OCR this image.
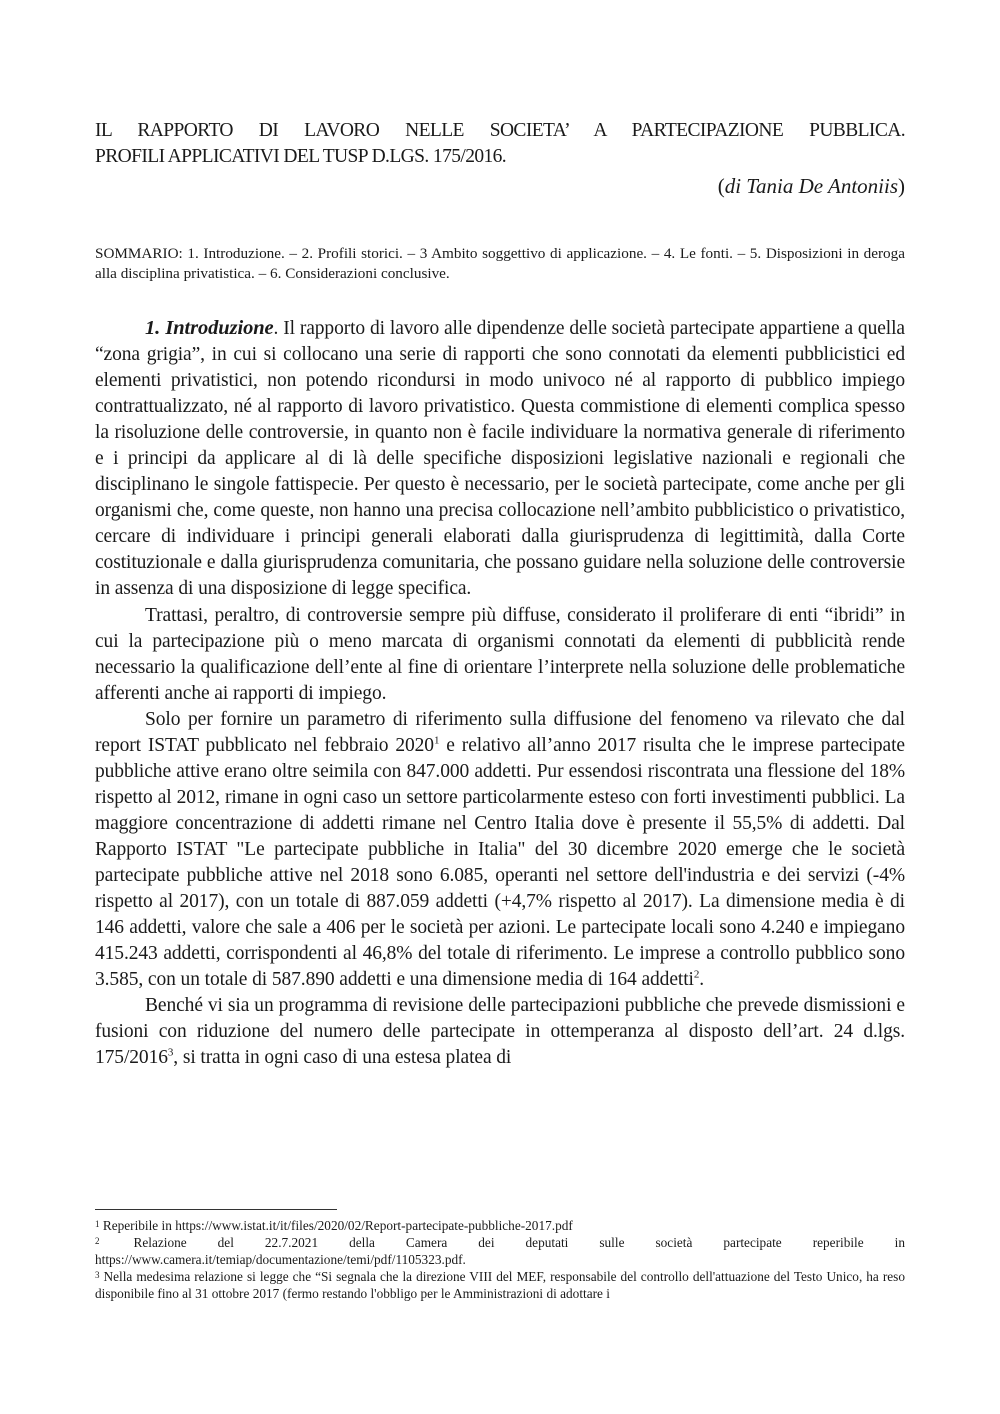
IL RAPPORTO DI LAVORO NELLE SOCIETA’ A PARTECIPAZIONE PUBBLICA.
PROFILI APPLICATIVI DEL TUSP D.LGS. 175/2016.
(di Tania De Antoniis)
SOMMARIO: 1. Introduzione. – 2. Profili storici. – 3 Ambito soggettivo di applicazione. – 4. Le fonti. – 5. Disposizioni in deroga alla disciplina privatistica. – 6. Considerazioni conclusive.

1. Introduzione. Il rapporto di lavoro alle dipendenze delle società partecipate appartiene a quella “zona grigia”, in cui si collocano una serie di rapporti che sono connotati da elementi pubblicistici ed elementi privatistici, non potendo ricondursi in modo univoco né al rapporto di pubblico impiego contrattualizzato, né al rapporto di lavoro privatistico. Questa commistione di elementi complica spesso la risoluzione delle controversie, in quanto non è facile individuare la normativa generale di riferimento e i principi da applicare al di là delle specifiche disposizioni legislative nazionali e regionali che disciplinano le singole fattispecie. Per questo è necessario, per le società partecipate, come anche per gli organismi che, come queste, non hanno una precisa collocazione nell’ambito pubblicistico o privatistico, cercare di individuare i principi generali elaborati dalla giurisprudenza di legittimità, dalla Corte costituzionale e dalla giurisprudenza comunitaria, che possano guidare nella soluzione delle controversie in assenza di una disposizione di legge specifica.

Trattasi, peraltro, di controversie sempre più diffuse, considerato il proliferare di enti “ibridi” in cui la partecipazione più o meno marcata di organismi connotati da elementi di pubblicità rende necessario la qualificazione dell’ente al fine di orientare l’interprete nella soluzione delle problematiche afferenti anche ai rapporti di impiego.

Solo per fornire un parametro di riferimento sulla diffusione del fenomeno va rilevato che dal report ISTAT pubblicato nel febbraio 2020$^1$ e relativo all’anno 2017 risulta che le imprese partecipate pubbliche attive erano oltre seimila con 847.000 addetti. Pur essendosi riscontrata una flessione del 18% rispetto al 2012, rimane in ogni caso un settore particolarmente esteso con forti investimenti pubblici. La maggiore concentrazione di addetti rimane nel Centro Italia dove è presente il 55,5% di addetti. Dal Rapporto ISTAT "Le partecipate pubbliche in Italia" del 30 dicembre 2020 emerge che le società partecipate pubbliche attive nel 2018 sono 6.085, operanti nel settore dell'industria e dei servizi (-4% rispetto al 2017), con un totale di 887.059 addetti (+4,7% rispetto al 2017). La dimensione media è di 146 addetti, valore che sale a 406 per le società per azioni. Le partecipate locali sono 4.240 e impiegano 415.243 addetti, corrispondenti al 46,8% del totale di riferimento. Le imprese a controllo pubblico sono 3.585, con un totale di 587.890 addetti e una dimensione media di 164 addetti$^2$.

Benché vi sia un programma di revisione delle partecipazioni pubbliche che prevede dismissioni e fusioni con riduzione del numero delle partecipate in ottemperanza al disposto dell’art. 24 d.lgs. 175/2016$^3$, si tratta in ogni caso di una estesa platea di

$^1$ Reperibile in https://www.istat.it/it/files/2020/02/Report-partecipate-pubbliche-2017.pdf

$^2$	Relazione del 22.7.2021 della Camera dei deputati sulle società partecipate reperibile in https://www.camera.it/temiap/documentazione/temi/pdf/1105323.pdf.

$^3$ Nella medesima relazione si legge che “Si segnala che la direzione VIII del MEF, responsabile del controllo dell'attuazione del Testo Unico, ha reso disponibile fino al 31 ottobre 2017 (fermo restando l'obbligo per le Amministrazioni di adottare i
